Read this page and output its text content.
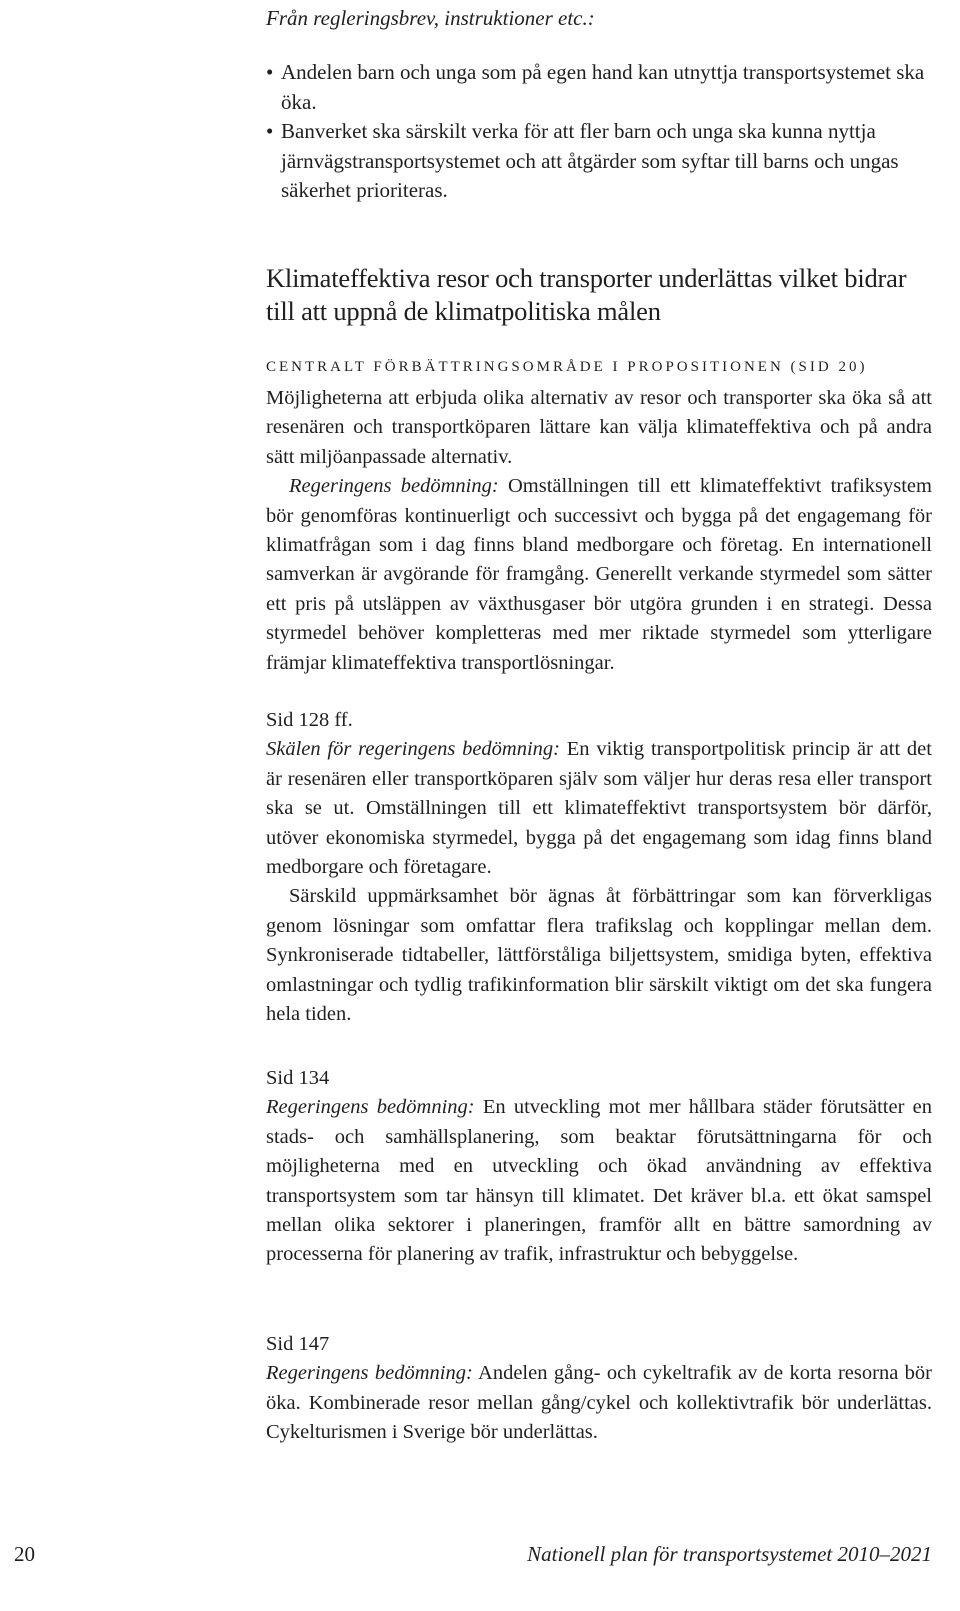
Från regleringsbrev, instruktioner etc.:

• Andelen barn och unga som på egen hand kan utnyttja transportsystemet ska öka.
• Banverket ska särskilt verka för att fler barn och unga ska kunna nyttja järnvägstransportsystemet och att åtgärder som syftar till barns och ungas säkerhet prioriteras.
Klimateffektiva resor och transporter underlättas vilket bidrar till att uppnå de klimatpolitiska målen

CENTRALT FÖRBÄTTRINGSOMRÅDE I PROPOSITIONEN (SID 20)

Möjligheterna att erbjuda olika alternativ av resor och transporter ska öka så att resenären och transportköparen lättare kan välja klimateffektiva och på andra sätt miljöanpassade alternativ.

Regeringens bedömning: Omställningen till ett klimateffektivt trafiksystem bör genomföras kontinuerligt och successivt och bygga på det engagemang för klimatfrågan som i dag finns bland medborgare och företag. En internationell samverkan är avgörande för framgång. Generellt verkande styrmedel som sätter ett pris på utsläppen av växthusgaser bör utgöra grunden i en strategi. Dessa styrmedel behöver kompletteras med mer riktade styrmedel som ytterligare främjar klimateffektiva transportlösningar.

Sid 128 ff.

Skälen för regeringens bedömning: En viktig transportpolitisk princip är att det är resenären eller transportköparen själv som väljer hur deras resa eller transport ska se ut. Omställningen till ett klimateffektivt transportsystem bör därför, utöver ekonomiska styrmedel, bygga på det engagemang som idag finns bland medborgare och företagare.

Särskild uppmärksamhet bör ägnas åt förbättringar som kan förverkligas genom lösningar som omfattar flera trafikslag och kopplingar mellan dem. Synkroniserade tidtabeller, lättförståliga biljettsystem, smidiga byten, effektiva omlastningar och tydlig trafikinformation blir särskilt viktigt om det ska fungera hela tiden.

Sid 134

Regeringens bedömning: En utveckling mot mer hållbara städer förutsätter en stads- och samhällsplanering, som beaktar förutsättningarna för och möjligheterna med en utveckling och ökad användning av effektiva transportsystem som tar hänsyn till klimatet. Det kräver bl.a. ett ökat samspel mellan olika sektorer i planeringen, framför allt en bättre samordning av processerna för planering av trafik, infrastruktur och bebyggelse.

Sid 147

Regeringens bedömning: Andelen gång- och cykeltrafik av de korta resorna bör öka. Kombinerade resor mellan gång/cykel och kollektivtrafik bör underlättas. Cykelturismen i Sverige bör underlättas.

20	Nationell plan för transportsystemet 2010–2021
